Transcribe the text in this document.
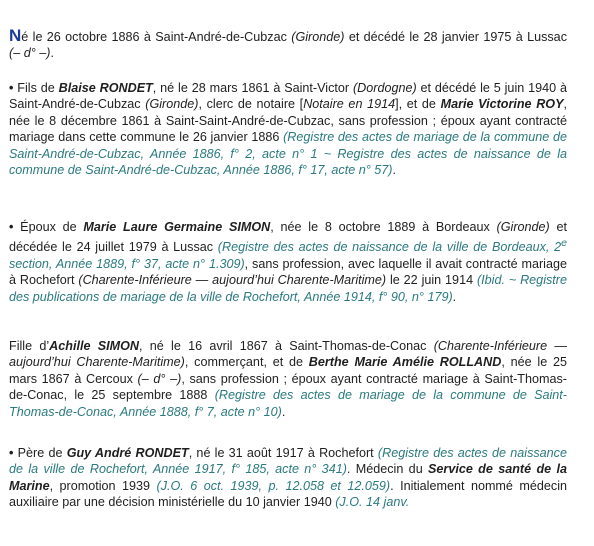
Né le 26 octobre 1886 à Saint-André-de-Cubzac (Gironde) et décédé le 28 janvier 1975 à Lussac (– d° –).

• Fils de Blaise RONDET, né le 28 mars 1861 à Saint-Victor (Dordogne) et décédé le 5 juin 1940 à Saint-André-de-Cubzac (Gironde), clerc de notaire [Notaire en 1914], et de Marie Victorine ROY, née le 8 décembre 1861 à Saint-Saint-André-de-Cubzac, sans profession ; épоux ayant contracté mariage dans cette commune le 26 janvier 1886 (Registre des actes de mariage de la commune de Saint-André-de-Cubzac, Année 1886, f° 2, acte n° 1 ~ Registre des actes de naissance de la commune de Saint-André-de-Cubzac, Année 1886, f° 17, acte n° 57).

• Époux de Marie Laure Germaine SIMON, née le 8 octobre 1889 à Bordeaux (Gironde) et décédée le 24 juillet 1979 à Lussac (Registre des actes de naissance de la ville de Bordeaux, 2e section, Année 1889, f° 37, acte n° 1.309), sans profession, avec laquelle il avait contracté mariage à Rochefort (Charente-Inférieure — aujourd’hui Charente-Maritime) le 22 juin 1914 (Ibid. ~ Registre des publications de mariage de la ville de Rochefort, Année 1914, f° 90, n° 179).

Fille d’Achille SIMON, né le 16 avril 1867 à Saint-Thomas-de-Conac (Charente-Inférieure — aujourd’hui Charente-Maritime), commerçant, et de Berthe Marie Amélie ROLLAND, née le 25 mars 1867 à Cercoux (– d° –), sans profession ; époux ayant contracté mariage à Saint-Thomas-de-Conac, le 25 septembre 1888 (Registre des actes de mariage de la commune de Saint- Thomas-de-Conac, Année 1888, f° 7, acte n° 10).

• Père de Guy André RONDET, né le 31 août 1917 à Rochefort (Registre des actes de naissance de la ville de Rochefort, Année 1917, f° 185, acte n° 341). Médecin du Service de santé de la Marine, promotion 1939 (J.O. 6 oct. 1939, p. 12.058 et 12.059). Initialement nommé médecin auxiliaire par une décision ministérielle du 10 janvier 1940 (J.O. 14 janv.
